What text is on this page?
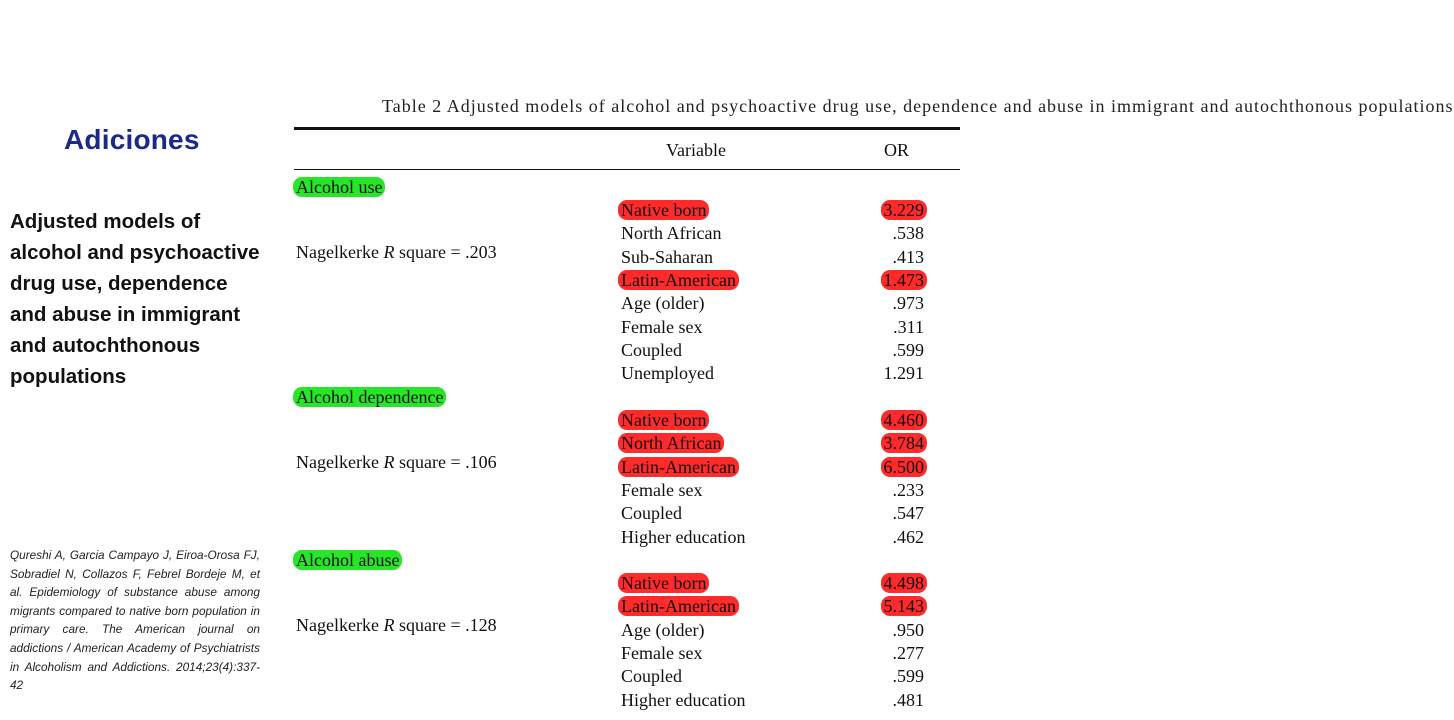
Adiciones
Adjusted models of alcohol and psychoactive drug use, dependence and abuse in immigrant and autochthonous populations
Qureshi A, Garcia Campayo J, Eiroa-Orosa FJ, Sobradiel N, Collazos F, Febrel Bordeje M, et al. Epidemiology of substance abuse among migrants compared to native born population in primary care. The American journal on addictions / American Academy of Psychiatrists in Alcoholism and Addictions. 2014;23(4):337-42
Table 2 Adjusted models of alcohol and psychoactive drug use, dependence and abuse in immigrant and autochthonous populations
Variable	OR
Alcohol use
Native born	3.229
North African	.538
Sub-Saharan	.413
Latin-American	1.473
Age (older)	.973
Female sex	.311
Coupled	.599
Unemployed	1.291
Nagelkerke R square = .203
Alcohol dependence
Native born	4.460
North African	3.784
Latin-American	6.500
Female sex	.233
Coupled	.547
Higher education	.462
Nagelkerke R square = .106
Alcohol abuse
Native born	4.498
Latin-American	5.143
Age (older)	.950
Female sex	.277
Coupled	.599
Higher education	.481
Nagelkerke R square = .128
